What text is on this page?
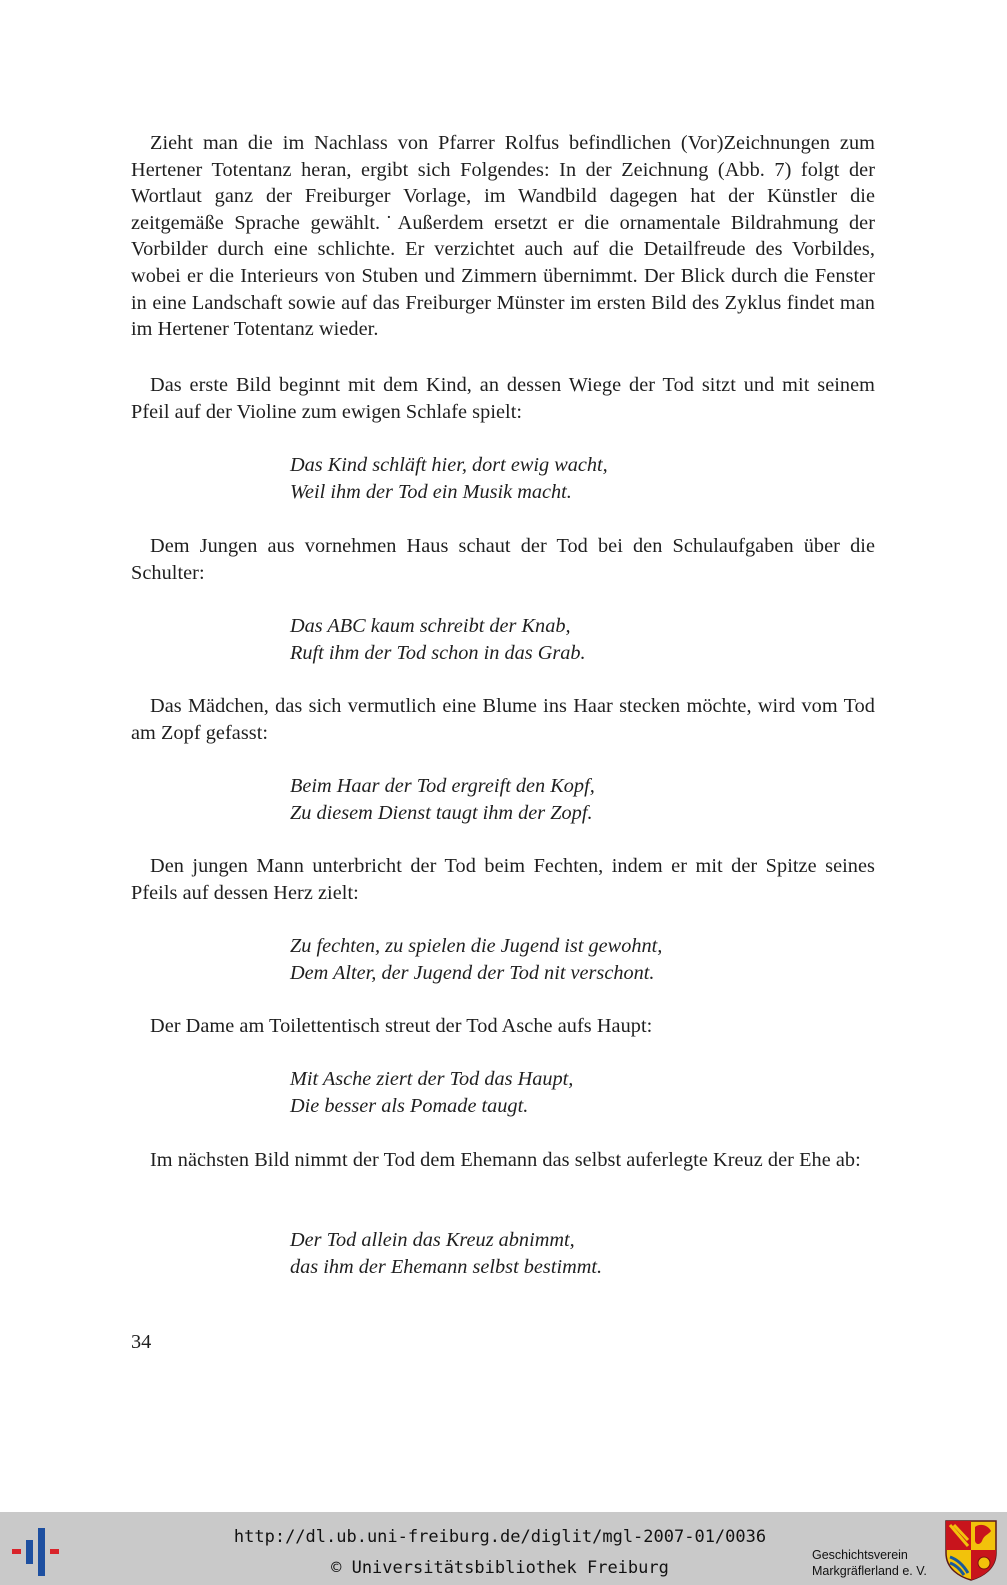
Zieht man die im Nachlass von Pfarrer Rolfus befindlichen (Vor)Zeichnungen zum Hertener Totentanz heran, ergibt sich Folgendes: In der Zeichnung (Abb. 7) folgt der Wortlaut ganz der Freiburger Vorlage, im Wandbild dagegen hat der Künstler die zeitgemäße Sprache gewählt.˙Außerdem ersetzt er die ornamentale Bildrahmung der Vorbilder durch eine schlichte. Er verzichtet auch auf die Detailfreude des Vorbildes, wobei er die Interieurs von Stuben und Zimmern übernimmt. Der Blick durch die Fenster in eine Landschaft sowie auf das Freiburger Münster im ersten Bild des Zyklus findet man im Hertener Totentanz wieder.

Das erste Bild beginnt mit dem Kind, an dessen Wiege der Tod sitzt und mit seinem Pfeil auf der Violine zum ewigen Schlafe spielt:

Das Kind schläft hier, dort ewig wacht,
Weil ihm der Tod ein Musik macht.

Dem Jungen aus vornehmen Haus schaut der Tod bei den Schulaufgaben über die Schulter:

Das ABC kaum schreibt der Knab,
Ruft ihm der Tod schon in das Grab.

Das Mädchen, das sich vermutlich eine Blume ins Haar stecken möchte, wird vom Tod am Zopf gefasst:

Beim Haar der Tod ergreift den Kopf,
Zu diesem Dienst taugt ihm der Zopf.

Den jungen Mann unterbricht der Tod beim Fechten, indem er mit der Spitze seines Pfeils auf dessen Herz zielt:

Zu fechten, zu spielen die Jugend ist gewohnt,
Dem Alter, der Jugend der Tod nit verschont.

Der Dame am Toilettentisch streut der Tod Asche aufs Haupt:

Mit Asche ziert der Tod das Haupt,
Die besser als Pomade taugt.

Im nächsten Bild nimmt der Tod dem Ehemann das selbst auferlegte Kreuz der Ehe ab:

Der Tod allein das Kreuz abnimmt,
das ihm der Ehemann selbst bestimmt.

34

http://dl.ub.uni-freiburg.de/diglit/mgl-2007-01/0036
© Universitätsbibliothek Freiburg
Geschichtsverein
Markgräflerland e. V.
